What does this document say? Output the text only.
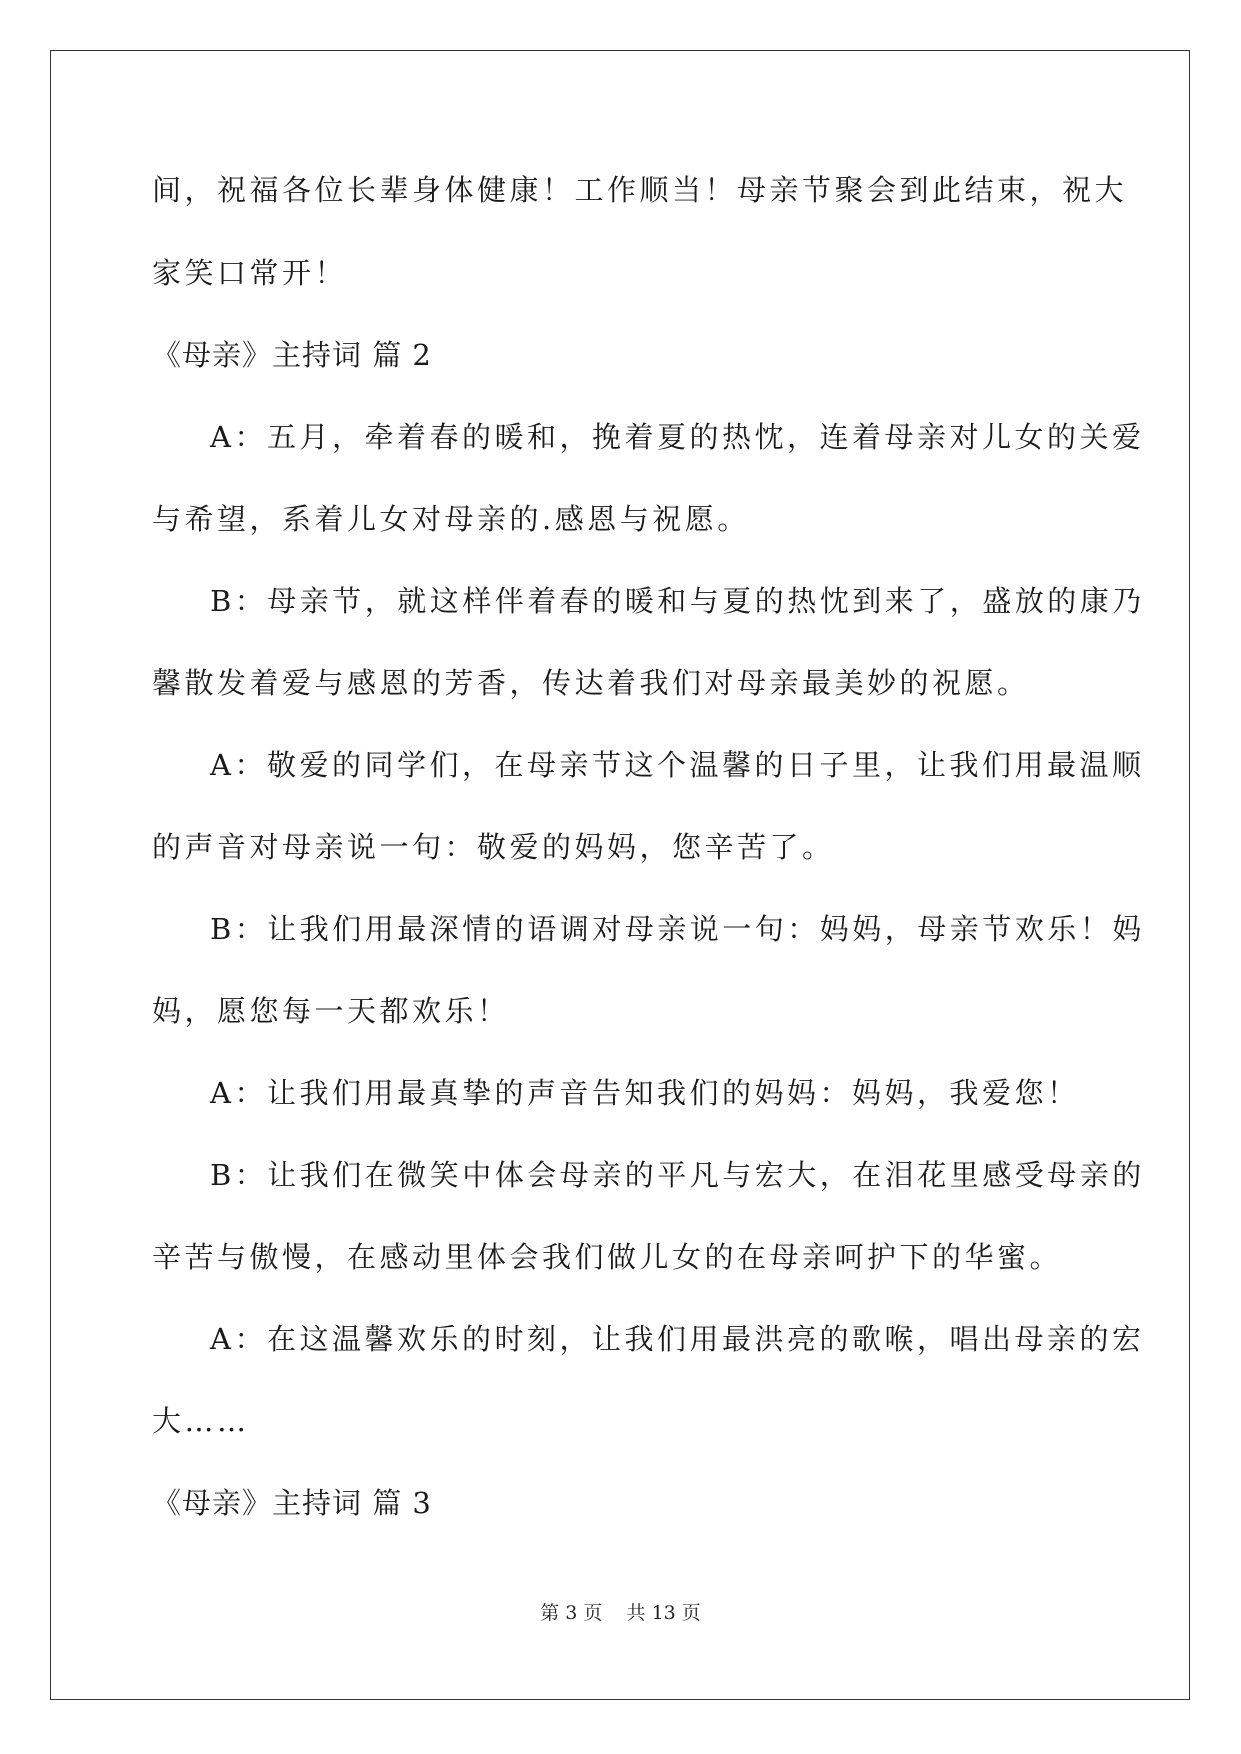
间，祝福各位长辈身体健康！工作顺当！母亲节聚会到此结束，祝大
家笑口常开！
《母亲》主持词 篇 2
A：五月，牵着春的暖和，挽着夏的热忱，连着母亲对儿女的关爱
与希望，系着儿女对母亲的.感恩与祝愿。
B：母亲节，就这样伴着春的暖和与夏的热忱到来了，盛放的康乃
馨散发着爱与感恩的芳香，传达着我们对母亲最美妙的祝愿。
A：敬爱的同学们，在母亲节这个温馨的日子里，让我们用最温顺
的声音对母亲说一句：敬爱的妈妈，您辛苦了。
B：让我们用最深情的语调对母亲说一句：妈妈，母亲节欢乐！妈
妈，愿您每一天都欢乐！
A：让我们用最真挚的声音告知我们的妈妈：妈妈，我爱您！
B：让我们在微笑中体会母亲的平凡与宏大，在泪花里感受母亲的
辛苦与傲慢，在感动里体会我们做儿女的在母亲呵护下的华蜜。
A：在这温馨欢乐的时刻，让我们用最洪亮的歌喉，唱出母亲的宏
大……
《母亲》主持词 篇 3
第 3 页 共 13 页
